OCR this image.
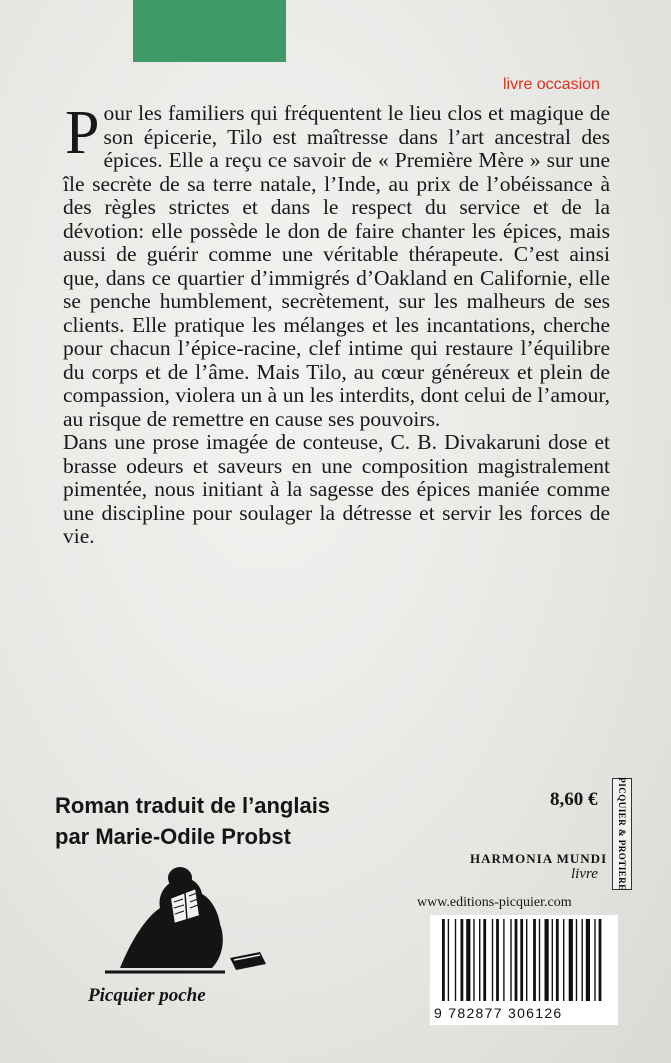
livre occasion

Pour les familiers qui fréquentent le lieu clos et magique de son épicerie, Tilo est maîtresse dans l’art ancestral des épices. Elle a reçu ce savoir de « Première Mère » sur une île secrète de sa terre natale, l’Inde, au prix de l’obéissance à des règles strictes et dans le respect du service et de la dévotion: elle possède le don de faire chanter les épices, mais aussi de guérir comme une véritable thérapeute. C’est ainsi que, dans ce quartier d’immigrés d’Oakland en Californie, elle se penche humblement, secrètement, sur les malheurs de ses clients. Elle pratique les mélanges et les incantations, cherche pour chacun l’épice-racine, clef intime qui restaure l’équilibre du corps et de l’âme. Mais Tilo, au cœur généreux et plein de compassion, violera un à un les interdits, dont celui de l’amour, au risque de remettre en cause ses pouvoirs.

Dans une prose imagée de conteuse, C. B. Divakaruni dose et brasse odeurs et saveurs en une composition magistralement pimentée, nous initiant à la sagesse des épices maniée comme une discipline pour soulager la détresse et servir les forces de vie.

Roman traduit de l’anglais
par Marie-Odile Probst
8,60 € PICQUIER & PROTIERE
HARMONIA MUNDI
livre
www.editions-picquier.com
Picquier poche
9 782877 306126
